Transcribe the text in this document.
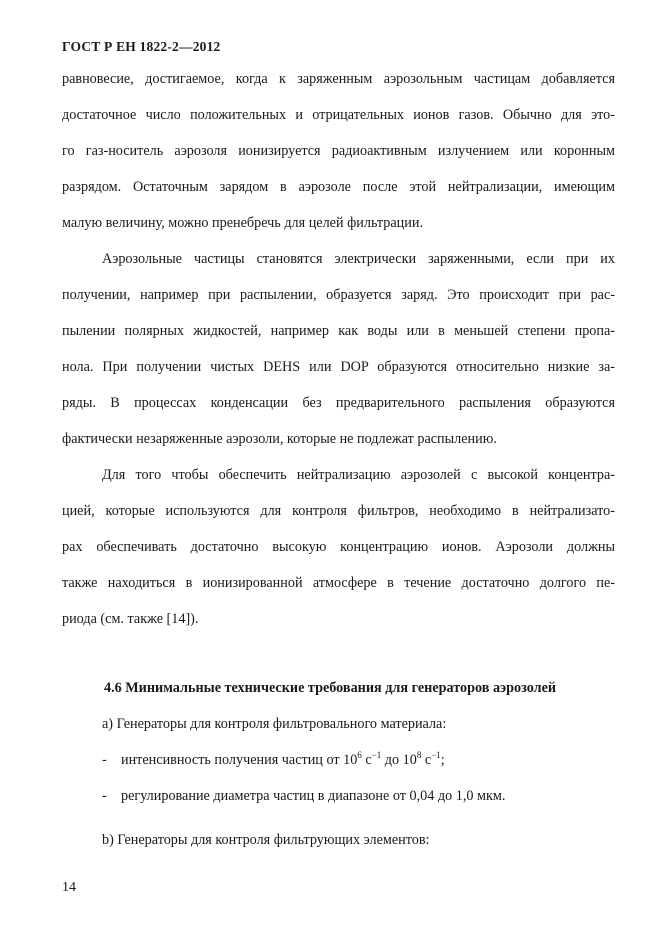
ГОСТ Р ЕН 1822-2—2012
равновесие, достигаемое, когда к заряженным аэрозольным частицам добавляется
достаточное число положительных и отрицательных ионов газов. Обычно для это-
го газ-носитель аэрозоля ионизируется радиоактивным излучением или коронным
разрядом. Остаточным зарядом в аэрозоле после этой нейтрализации, имеющим
малую величину, можно пренебречь для целей фильтрации.
Аэрозольные частицы становятся электрически заряженными, если при их
получении, например при распылении, образуется заряд. Это происходит при рас-
пылении полярных жидкостей, например как воды или в меньшей степени пропа-
нола. При получении чистых DEHS или DOP образуются относительно низкие за-
ряды. В процессах конденсации без предварительного распыления образуются
фактически незаряженные аэрозоли, которые не подлежат распылению.
Для того чтобы обеспечить нейтрализацию аэрозолей с высокой концентра-
цией, которые используются для контроля фильтров, необходимо в нейтрализато-
рах обеспечивать достаточно высокую концентрацию ионов. Аэрозоли должны
также находиться в ионизированной атмосфере в течение достаточно долгого пе-
риода (см. также [14]).
4.6 Минимальные технические требования для генераторов аэрозолей
a) Генераторы для контроля фильтровального материала:
- интенсивность получения частиц от $10^6$ $с^{-1}$ до $10^8$ $с^{-1}$;
- регулирование диаметра частиц в диапазоне от 0,04 до 1,0 мкм.
b) Генераторы для контроля фильтрующих элементов:
14
